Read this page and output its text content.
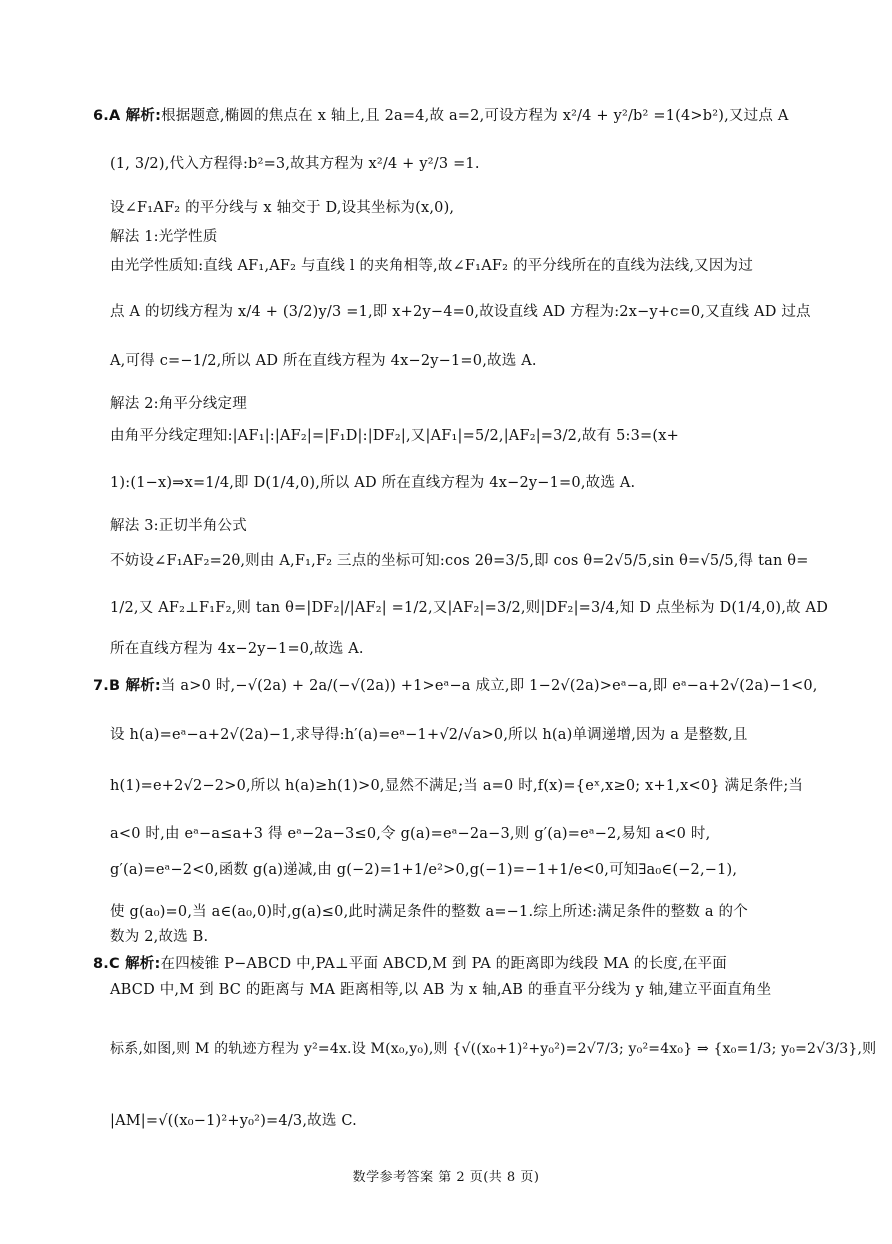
6.A 解析:根据题意,椭圆的焦点在 x 轴上,且 2a=4,故 a=2,可设方程为 x²/4 + y²/b² =1(4>b²),又过点 A
(1, 3/2),代入方程得:b²=3,故其方程为 x²/4 + y²/3 =1.
设∠F₁AF₂ 的平分线与 x 轴交于 D,设其坐标为(x,0),
解法 1:光学性质
由光学性质知:直线 AF₁,AF₂ 与直线 l 的夹角相等,故∠F₁AF₂ 的平分线所在的直线为法线,又因为过
点 A 的切线方程为 x/4 + (3/2)y/3 =1,即 x+2y−4=0,故设直线 AD 方程为:2x−y+c=0,又直线 AD 过点
A,可得 c=−1/2,所以 AD 所在直线方程为 4x−2y−1=0,故选 A.
解法 2:角平分线定理
由角平分线定理知:|AF₁|:|AF₂|=|F₁D|:|DF₂|,又|AF₁|=5/2,|AF₂|=3/2,故有 5:3=(x+
1):(1−x)⇒x=1/4,即 D(1/4,0),所以 AD 所在直线方程为 4x−2y−1=0,故选 A.
解法 3:正切半角公式
不妨设∠F₁AF₂=2θ,则由 A,F₁,F₂ 三点的坐标可知:cos 2θ=3/5,即 cos θ=2√5/5,sin θ=√5/5,得 tan θ=
1/2,又 AF₂⊥F₁F₂,则 tan θ=|DF₂|/|AF₂| =1/2,又|AF₂|=3/2,则|DF₂|=3/4,知 D 点坐标为 D(1/4,0),故 AD
所在直线方程为 4x−2y−1=0,故选 A.
7.B 解析:当 a>0 时,−√(2a) + 2a/(−√(2a)) +1>eᵃ−a 成立,即 1−2√(2a)>eᵃ−a,即 eᵃ−a+2√(2a)−1<0,
设 h(a)=eᵃ−a+2√(2a)−1,求导得:h′(a)=eᵃ−1+√2/√a>0,所以 h(a)单调递增,因为 a 是整数,且
h(1)=e+2√2−2>0,所以 h(a)≥h(1)>0,显然不满足;当 a=0 时,f(x)={eˣ,x≥0; x+1,x<0} 满足条件;当
a<0 时,由 eᵃ−a≤a+3 得 eᵃ−2a−3≤0,令 g(a)=eᵃ−2a−3,则 g′(a)=eᵃ−2,易知 a<0 时,
g′(a)=eᵃ−2<0,函数 g(a)递减,由 g(−2)=1+1/e²>0,g(−1)=−1+1/e<0,可知∃a₀∈(−2,−1),
使 g(a₀)=0,当 a∈(a₀,0)时,g(a)≤0,此时满足条件的整数 a=−1.综上所述:满足条件的整数 a 的个
数为 2,故选 B.
8.C 解析:在四棱锥 P−ABCD 中,PA⊥平面 ABCD,M 到 PA 的距离即为线段 MA 的长度,在平面
ABCD 中,M 到 BC 的距离与 MA 距离相等,以 AB 为 x 轴,AB 的垂直平分线为 y 轴,建立平面直角坐
标系,如图,则 M 的轨迹方程为 y²=4x.设 M(x₀,y₀),则 {√((x₀+1)²+y₀²)=2√7/3; y₀²=4x₀} ⇒ {x₀=1/3; y₀=2√3/3},则
|AM|=√((x₀−1)²+y₀²)=4/3,故选 C.
数学参考答案 第 2 页(共 8 页)
